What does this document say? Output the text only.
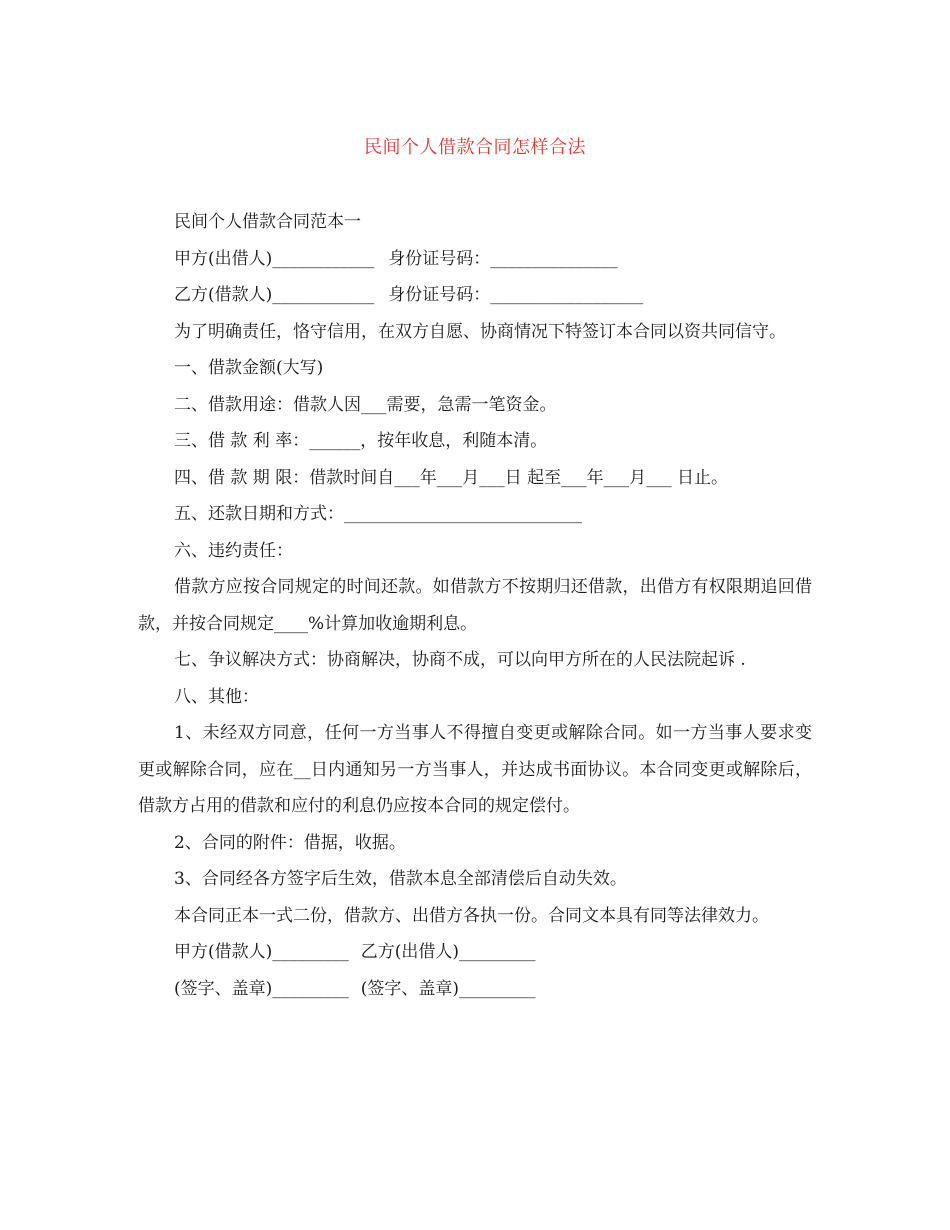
民间个人借款合同怎样合法

民间个人借款合同范本一

甲方(出借人)____________ 身份证号码：_______________

乙方(借款人)____________ 身份证号码：__________________

为了明确责任，恪守信用，在双方自愿、协商情况下特签订本合同以资共同信守。

一、借款金额(大写)

二、借款用途：借款人因___需要，急需一笔资金。

三、借 款 利 率：______，按年收息，利随本清。

四、借 款 期 限：借款时间自___年___月___日 起至___年___月___ 日止。

五、还款日期和方式：____________________________

六、违约责任：

借款方应按合同规定的时间还款。如借款方不按期归还借款，出借方有权限期追回借款，并按合同规定____%计算加收逾期利息。

七、争议解决方式：协商解决，协商不成，可以向甲方所在的人民法院起诉 .

八、其他：

1、未经双方同意，任何一方当事人不得擅自变更或解除合同。如一方当事人要求变更或解除合同，应在__日内通知另一方当事人，并达成书面协议。本合同变更或解除后，借款方占用的借款和应付的利息仍应按本合同的规定偿付。

2、合同的附件：借据，收据。

3、合同经各方签字后生效，借款本息全部清偿后自动失效。

本合同正本一式二份，借款方、出借方各执一份。合同文本具有同等法律效力。

甲方(借款人)_________ 乙方(出借人)_________

(签字、盖章)_________ (签字、盖章)_________
